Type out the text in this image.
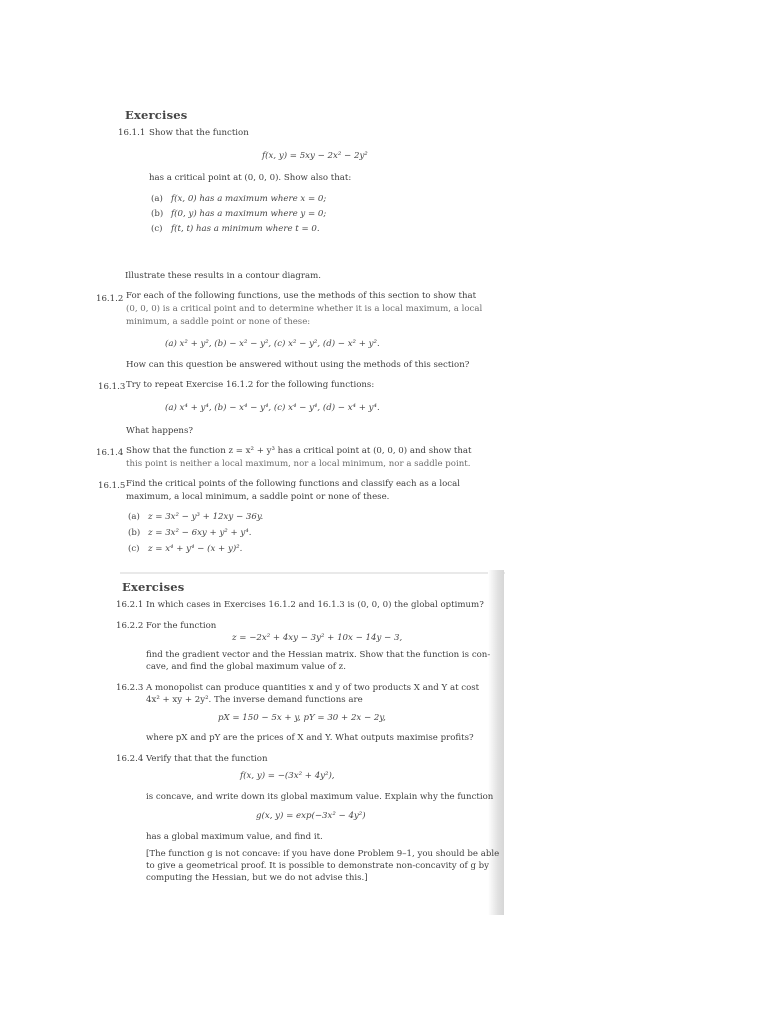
Exercises
16.1.1 Show that the function
f(x, y) = 5xy − 2x² − 2y²
has a critical point at (0, 0, 0). Show also that:
(a) f(x, 0) has a maximum where x = 0;
(b) f(0, y) has a maximum where y = 0;
(c) f(t, t) has a minimum where t = 0.
Illustrate these results in a contour diagram.
16.1.2 For each of the following functions, use the methods of this section to show that
(0, 0, 0) is a critical point and to determine whether it is a local maximum, a local
minimum, a saddle point or none of these:
(a) x² + y², (b) − x² − y², (c) x² − y², (d) − x² + y².
How can this question be answered without using the methods of this section?
16.1.3 Try to repeat Exercise 16.1.2 for the following functions:
(a) x⁴ + y⁴, (b) − x⁴ − y⁴, (c) x⁴ − y⁴, (d) − x⁴ + y⁴.
What happens?
16.1.4 Show that the function z = x² + y³ has a critical point at (0, 0, 0) and show that
this point is neither a local maximum, nor a local minimum, nor a saddle point.
16.1.5 Find the critical points of the following functions and classify each as a local
maximum, a local minimum, a saddle point or none of these.
(a) z = 3x² − y³ + 12xy − 36y.
(b) z = 3x² − 6xy + y² + y⁴.
(c) z = x⁴ + y⁴ − (x + y)².
Exercises
16.2.1 In which cases in Exercises 16.1.2 and 16.1.3 is (0, 0, 0) the global optimum?
16.2.2 For the function
z = −2x² + 4xy − 3y² + 10x − 14y − 3,
find the gradient vector and the Hessian matrix. Show that the function is con-
cave, and find the global maximum value of z.
16.2.3 A monopolist can produce quantities x and y of two products X and Y at cost
4x² + xy + 2y². The inverse demand functions are
pX = 150 − 5x + y, pY = 30 + 2x − 2y,
where pX and pY are the prices of X and Y. What outputs maximise profits?
16.2.4 Verify that that the function
f(x, y) = −(3x² + 4y²),
is concave, and write down its global maximum value. Explain why the function
g(x, y) = exp(−3x² − 4y²)
has a global maximum value, and find it.
[The function g is not concave: if you have done Problem 9–1, you should be able
to give a geometrical proof. It is possible to demonstrate non-concavity of g by
computing the Hessian, but we do not advise this.]
